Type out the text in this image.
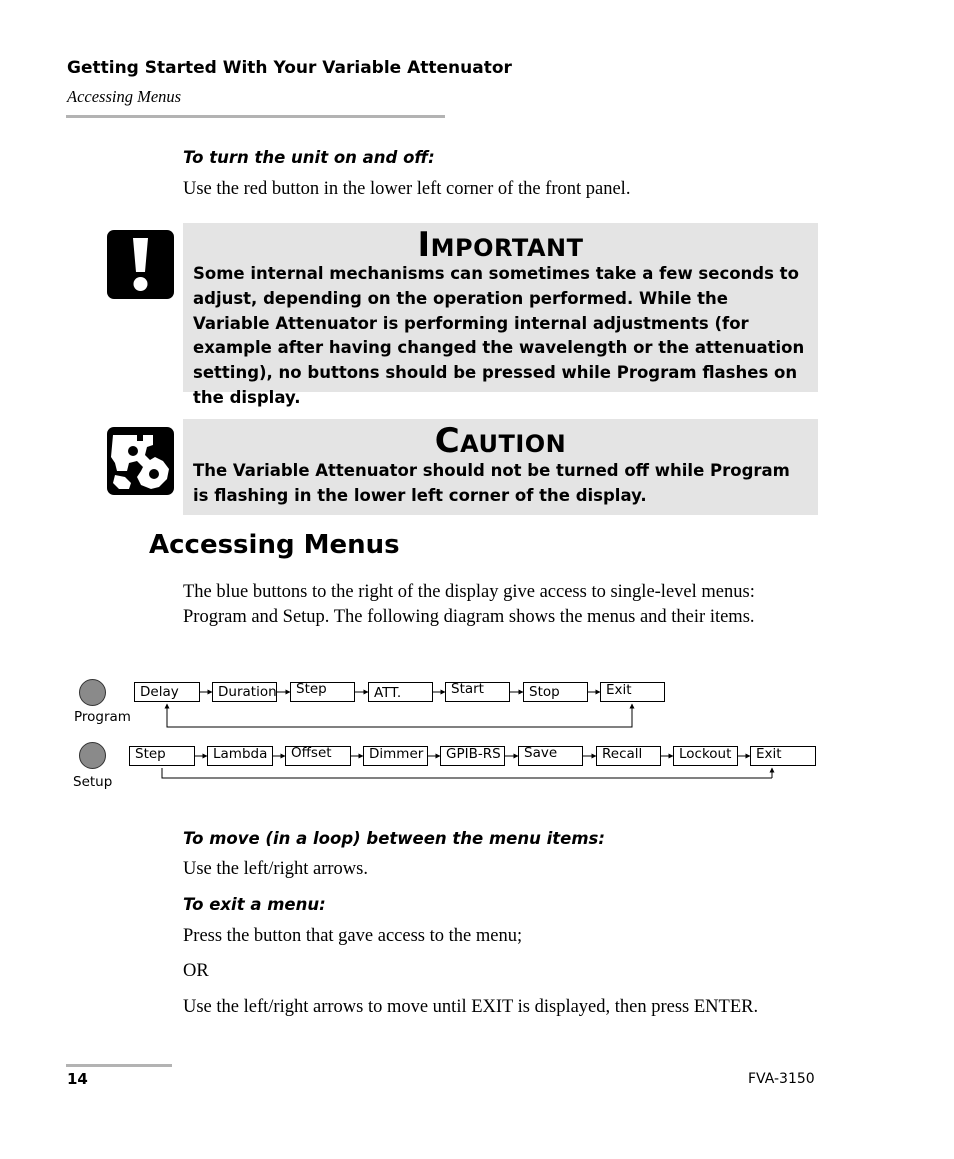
Getting Started With Your Variable Attenuator
Accessing Menus
To turn the unit on and off:
Use the red button in the lower left corner of the front panel.
IMPORTANT
Some internal mechanisms can sometimes take a few seconds to adjust, depending on the operation performed. While the Variable Attenuator is performing internal adjustments (for example after having changed the wavelength or the attenuation setting), no buttons should be pressed while Program flashes on the display.
CAUTION
The Variable Attenuator should not be turned off while Program is flashing in the lower left corner of the display.
Accessing Menus
The blue buttons to the right of the display give access to single-level menus: Program and Setup. The following diagram shows the menus and their items.
Program
Delay	Duration	Step	ATT.	Start	Stop	Exit
Setup
Step	Lambda	Offset	Dimmer	GPIB-RS	Save	Recall	Lockout	Exit
To move (in a loop) between the menu items:
Use the left/right arrows.
To exit a menu:
Press the button that gave access to the menu;
OR
Use the left/right arrows to move until EXIT is displayed, then press ENTER.
14	FVA-3150
